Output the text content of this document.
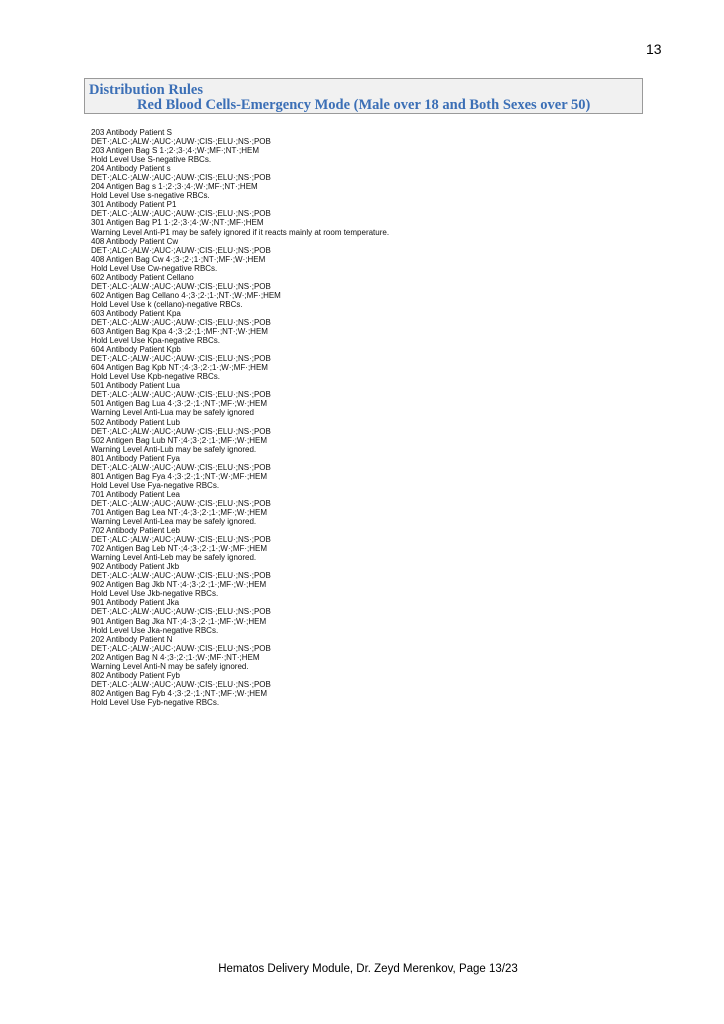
13
Distribution Rules
Red Blood Cells-Emergency Mode (Male over 18 and Both Sexes over 50)
203 Antibody Patient S
DET·;ALC·;ALW·;AUC·;AUW·;CIS·;ELU·;NS·;POB
203 Antigen Bag S 1·;2·;3·;4·;W·;MF·;NT·;HEM
Hold Level Use S-negative RBCs.
204 Antibody Patient s
DET·;ALC·;ALW·;AUC·;AUW·;CIS·;ELU·;NS·;POB
204 Antigen Bag s 1·;2·;3·;4·;W·;MF·;NT·;HEM
Hold Level Use s-negative RBCs.
301 Antibody Patient P1
DET·;ALC·;ALW·;AUC·;AUW·;CIS·;ELU·;NS·;POB
301 Antigen Bag P1 1·;2·;3·;4·;W·;NT·;MF·;HEM
Warning Level Anti-P1 may be safely ignored if it reacts mainly at room temperature.
408 Antibody Patient Cw
DET·;ALC·;ALW·;AUC·;AUW·;CIS·;ELU·;NS·;POB
408 Antigen Bag Cw 4·;3·;2·;1·;NT·;MF·;W·;HEM
Hold Level Use Cw-negative RBCs.
602 Antibody Patient Cellano
DET·;ALC·;ALW·;AUC·;AUW·;CIS·;ELU·;NS·;POB
602 Antigen Bag Cellano 4·;3·;2·;1·;NT·;W·;MF·;HEM
Hold Level Use k (cellano)-negative RBCs.
603 Antibody Patient Kpa
DET·;ALC·;ALW·;AUC·;AUW·;CIS·;ELU·;NS·;POB
603 Antigen Bag Kpa 4·;3·;2·;1·;MF·;NT·;W·;HEM
Hold Level Use Kpa-negative RBCs.
604 Antibody Patient Kpb
DET·;ALC·;ALW·;AUC·;AUW·;CIS·;ELU·;NS·;POB
604 Antigen Bag Kpb NT·;4·;3·;2·;1·;W·;MF·;HEM
Hold Level Use Kpb-negative RBCs.
501 Antibody Patient Lua
DET·;ALC·;ALW·;AUC·;AUW·;CIS·;ELU·;NS·;POB
501 Antigen Bag Lua 4·;3·;2·;1·;NT·;MF·;W·;HEM
Warning Level Anti-Lua may be safely ignored
502 Antibody Patient Lub
DET·;ALC·;ALW·;AUC·;AUW·;CIS·;ELU·;NS·;POB
502 Antigen Bag Lub NT·;4·;3·;2·;1·;MF·;W·;HEM
Warning Level Anti-Lub may be safely ignored.
801 Antibody Patient Fya
DET·;ALC·;ALW·;AUC·;AUW·;CIS·;ELU·;NS·;POB
801 Antigen Bag Fya 4·;3·;2·;1·;NT·;W·;MF·;HEM
Hold Level Use Fya-negative RBCs.
701 Antibody Patient Lea
DET·;ALC·;ALW·;AUC·;AUW·;CIS·;ELU·;NS·;POB
701 Antigen Bag Lea NT·;4·;3·;2·;1·;MF·;W·;HEM
Warning Level Anti-Lea may be safely ignored.
702 Antibody Patient Leb
DET·;ALC·;ALW·;AUC·;AUW·;CIS·;ELU·;NS·;POB
702 Antigen Bag Leb NT·;4·;3·;2·;1·;W·;MF·;HEM
Warning Level Anti-Leb may be safely ignored.
902 Antibody Patient Jkb
DET·;ALC·;ALW·;AUC·;AUW·;CIS·;ELU·;NS·;POB
902 Antigen Bag Jkb NT·;4·;3·;2·;1·;MF·;W·;HEM
Hold Level Use Jkb-negative RBCs.
901 Antibody Patient Jka
DET·;ALC·;ALW·;AUC·;AUW·;CIS·;ELU·;NS·;POB
901 Antigen Bag Jka NT·;4·;3·;2·;1·;MF·;W·;HEM
Hold Level Use Jka-negative RBCs.
202 Antibody Patient N
DET·;ALC·;ALW·;AUC·;AUW·;CIS·;ELU·;NS·;POB
202 Antigen Bag N 4·;3·;2·;1·;W·;MF·;NT·;HEM
Warning Level Anti-N may be safely ignored.
802 Antibody Patient Fyb
DET·;ALC·;ALW·;AUC·;AUW·;CIS·;ELU·;NS·;POB
802 Antigen Bag Fyb 4·;3·;2·;1·;NT·;MF·;W·;HEM
Hold Level Use Fyb-negative RBCs.
Hematos Delivery Module, Dr. Zeyd Merenkov, Page 13/23
